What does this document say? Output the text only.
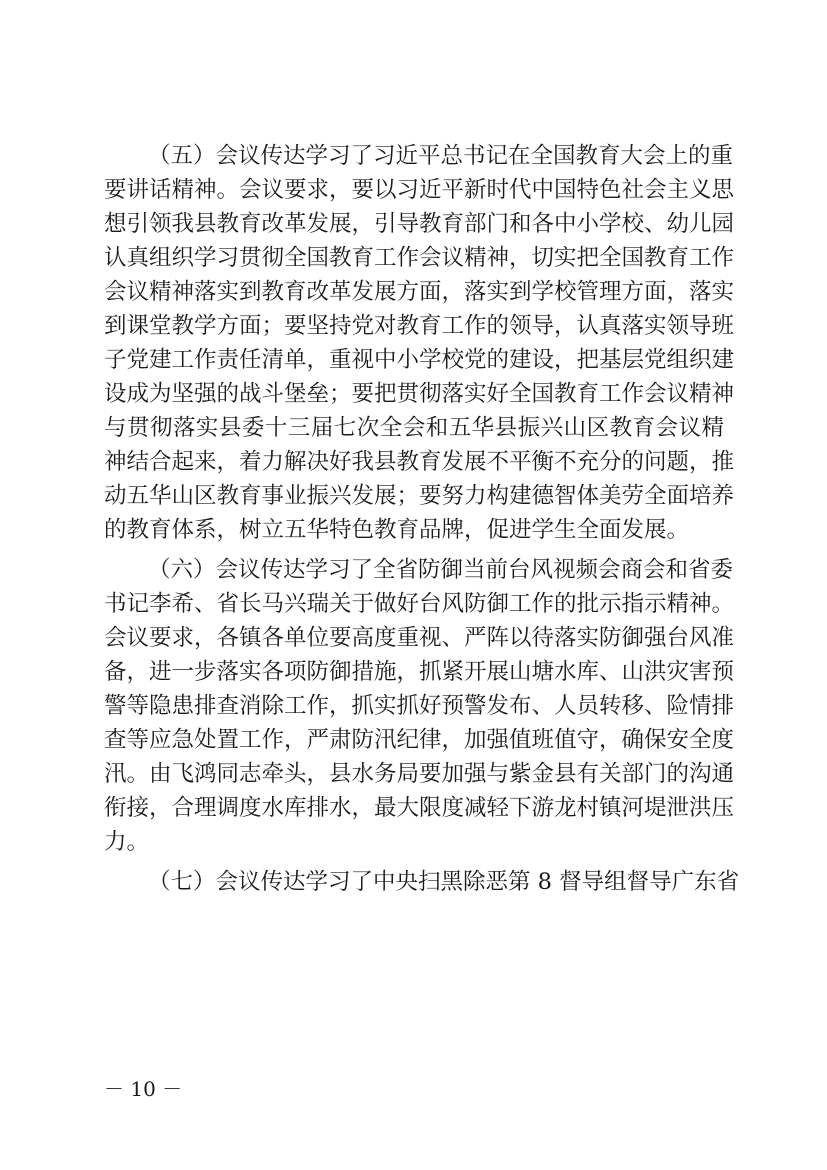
（五）会议传达学习了习近平总书记在全国教育大会上的重
要讲话精神。会议要求，要以习近平新时代中国特色社会主义思
想引领我县教育改革发展，引导教育部门和各中小学校、幼儿园
认真组织学习贯彻全国教育工作会议精神，切实把全国教育工作
会议精神落实到教育改革发展方面，落实到学校管理方面，落实
到课堂教学方面；要坚持党对教育工作的领导，认真落实领导班
子党建工作责任清单，重视中小学校党的建设，把基层党组织建
设成为坚强的战斗堡垒；要把贯彻落实好全国教育工作会议精神
与贯彻落实县委十三届七次全会和五华县振兴山区教育会议精
神结合起来，着力解决好我县教育发展不平衡不充分的问题，推
动五华山区教育事业振兴发展；要努力构建德智体美劳全面培养
的教育体系，树立五华特色教育品牌，促进学生全面发展。
（六）会议传达学习了全省防御当前台风视频会商会和省委
书记李希、省长马兴瑞关于做好台风防御工作的批示指示精神。
会议要求，各镇各单位要高度重视、严阵以待落实防御强台风准
备，进一步落实各项防御措施，抓紧开展山塘水库、山洪灾害预
警等隐患排查消除工作，抓实抓好预警发布、人员转移、险情排
查等应急处置工作，严肃防汛纪律，加强值班值守，确保安全度
汛。由飞鸿同志牵头，县水务局要加强与紫金县有关部门的沟通
衔接，合理调度水库排水，最大限度减轻下游龙村镇河堤泄洪压
力。
（七）会议传达学习了中央扫黑除恶第 8 督导组督导广东省
－ 10 －
